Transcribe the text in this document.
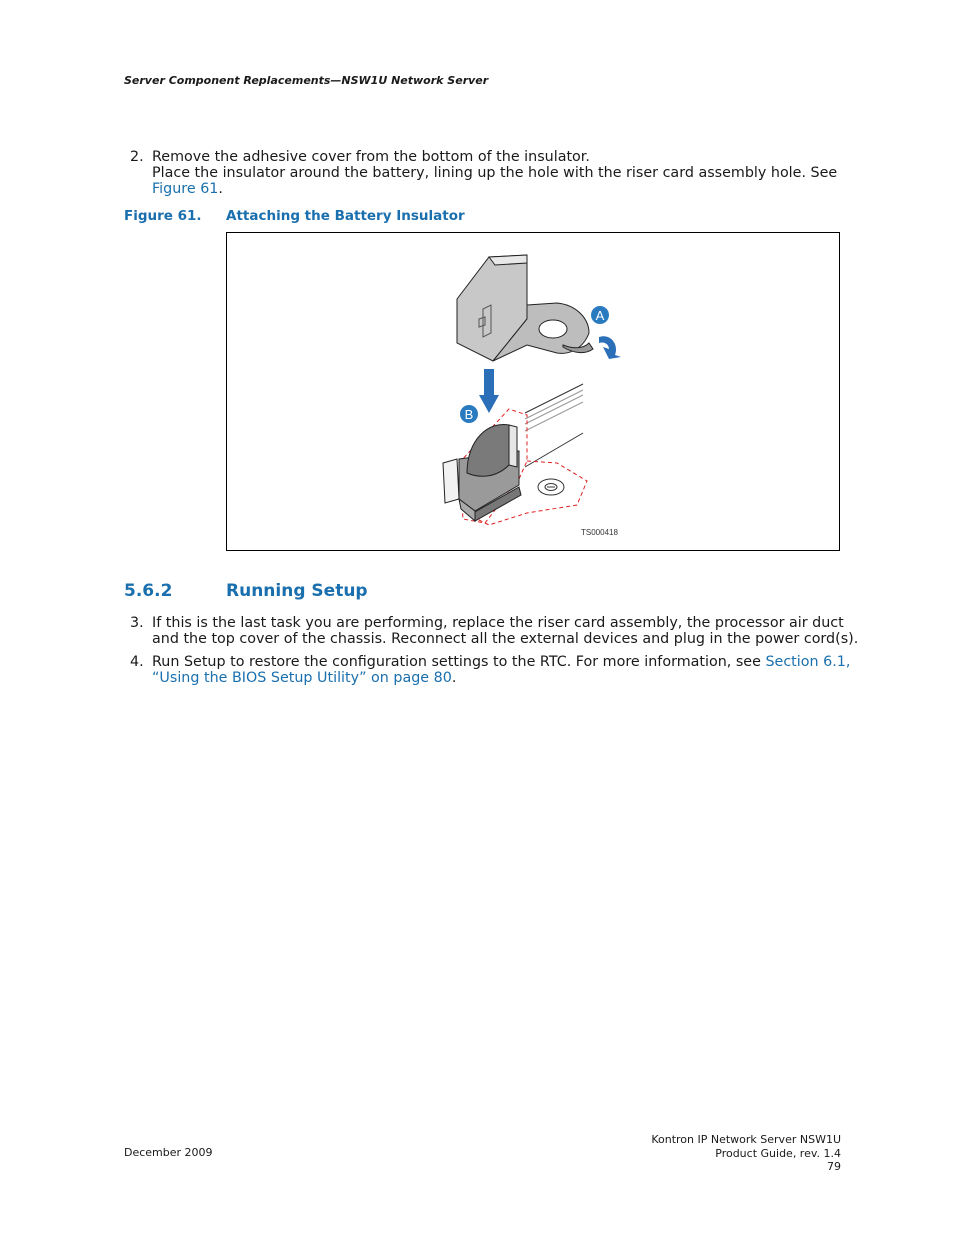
Server Component Replacements—NSW1U Network Server
2. Remove the adhesive cover from the bottom of the insulator.
Place the insulator around the battery, lining up the hole with the riser card assembly hole. See
Figure 61.
Figure 61. Attaching the Battery Insulator
A
B
TS000418
5.6.2	Running Setup
3. If this is the last task you are performing, replace the riser card assembly, the processor air duct
and the top cover of the chassis. Reconnect all the external devices and plug in the power cord(s).
4. Run Setup to restore the configuration settings to the RTC. For more information, see Section 6.1,
“Using the BIOS Setup Utility” on page 80.
December 2009
Kontron IP Network Server NSW1U
Product Guide, rev. 1.4
79
